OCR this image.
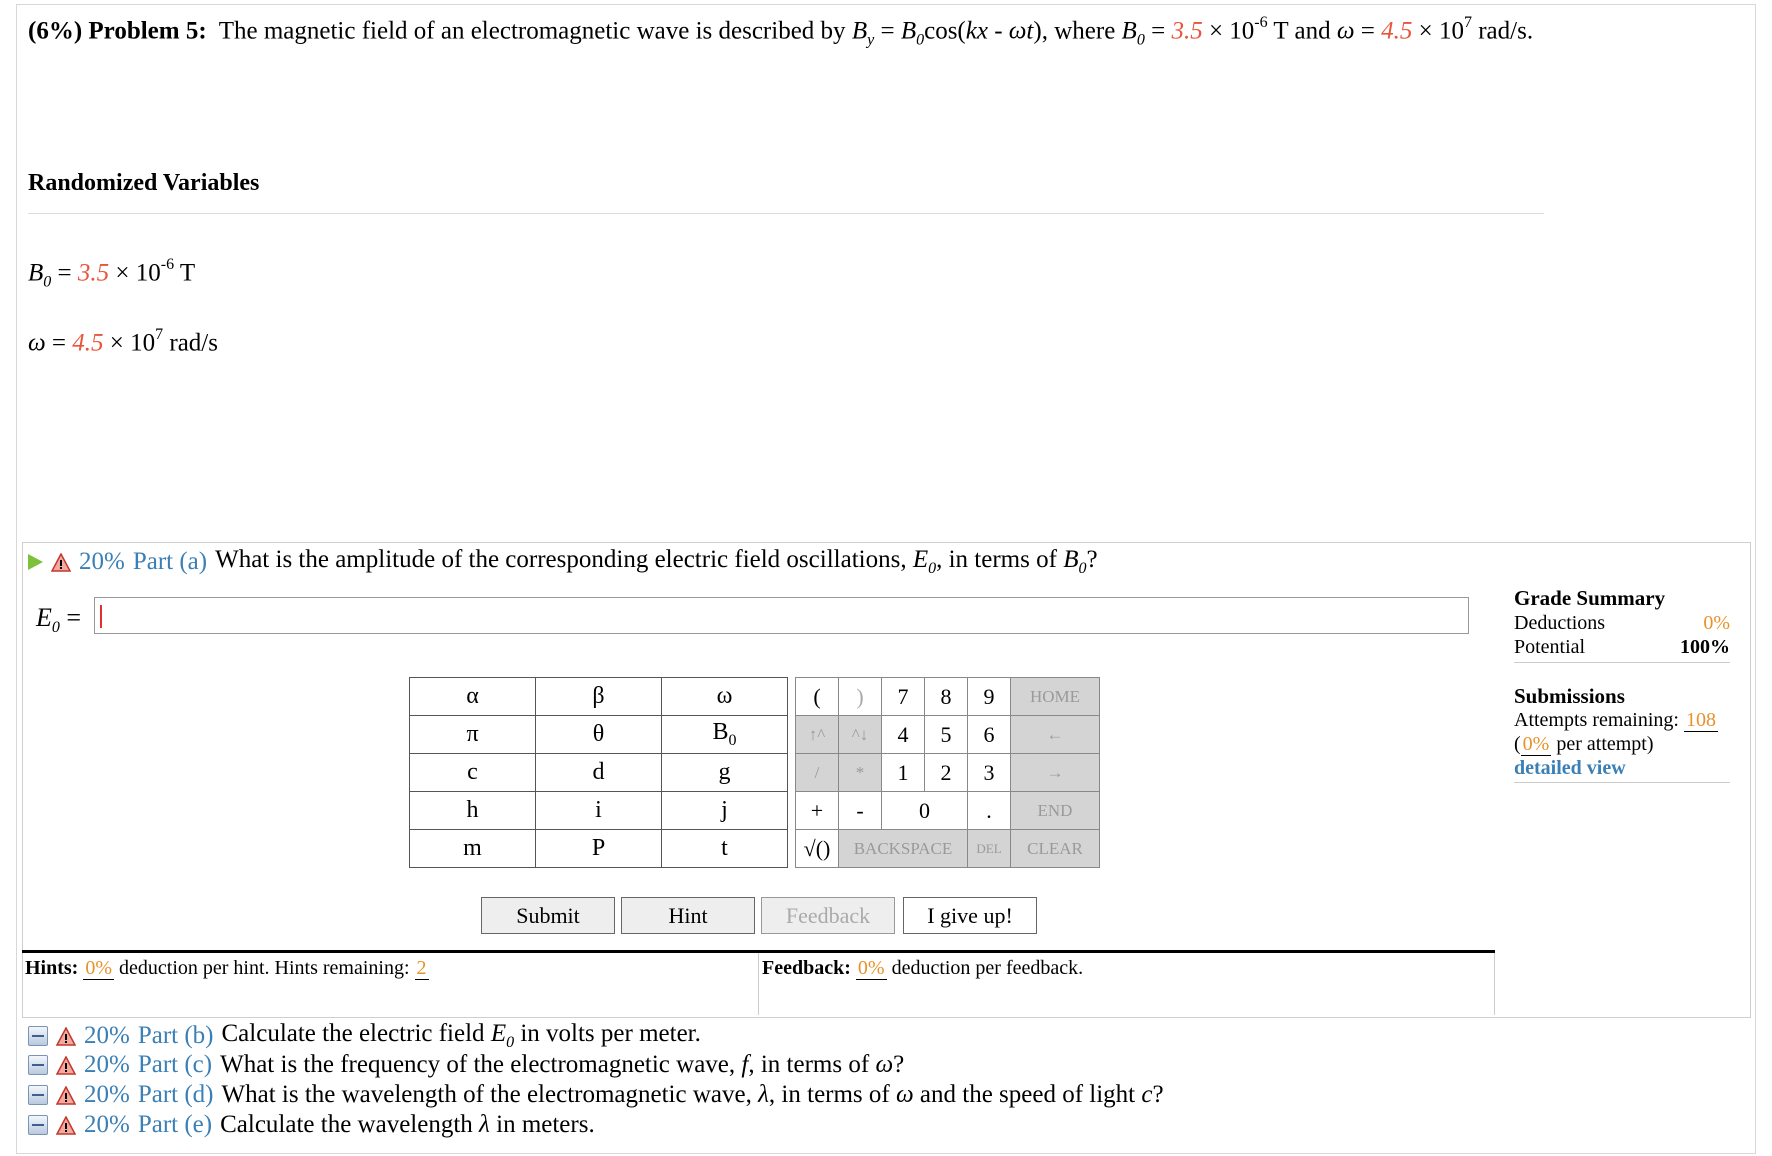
(6%) Problem 5: The magnetic field of an electromagnetic wave is described by $B_y = B_0\cos(kx - \omega t)$, where $B_0 = 3.5 \times 10^{-6}$ T and $\omega = 4.5 \times 10^7$ rad/s.
Randomized Variables
$B_0 = 3.5 \times 10^{-6}$ T
$\omega = 4.5 \times 10^7$ rad/s
20% Part (a) What is the amplitude of the corresponding electric field oscillations, $E_0$, in terms of $B_0$?
$E_0$ =
α	β	ω
π	θ	$B_0$
c	d	g
h	i	j
m	P	t
(	)	7	8	9	HOME
↑^	^↓	4	5	6	←
/	*	1	2	3	→
+	-	0		.	END
√()	BACKSPACE			DEL	CLEAR
Submit	Hint	Feedback	I give up!
Hints: 0% deduction per hint. Hints remaining: 2	Feedback: 0% deduction per feedback.
Grade Summary
Deductions	0%
Potential	100%
Submissions
Attempts remaining: 108
( 0% per attempt)
detailed view
20% Part (b) Calculate the electric field $E_0$ in volts per meter.
20% Part (c) What is the frequency of the electromagnetic wave, f, in terms of ω?
20% Part (d) What is the wavelength of the electromagnetic wave, λ, in terms of ω and the speed of light c?
20% Part (e) Calculate the wavelength λ in meters.
